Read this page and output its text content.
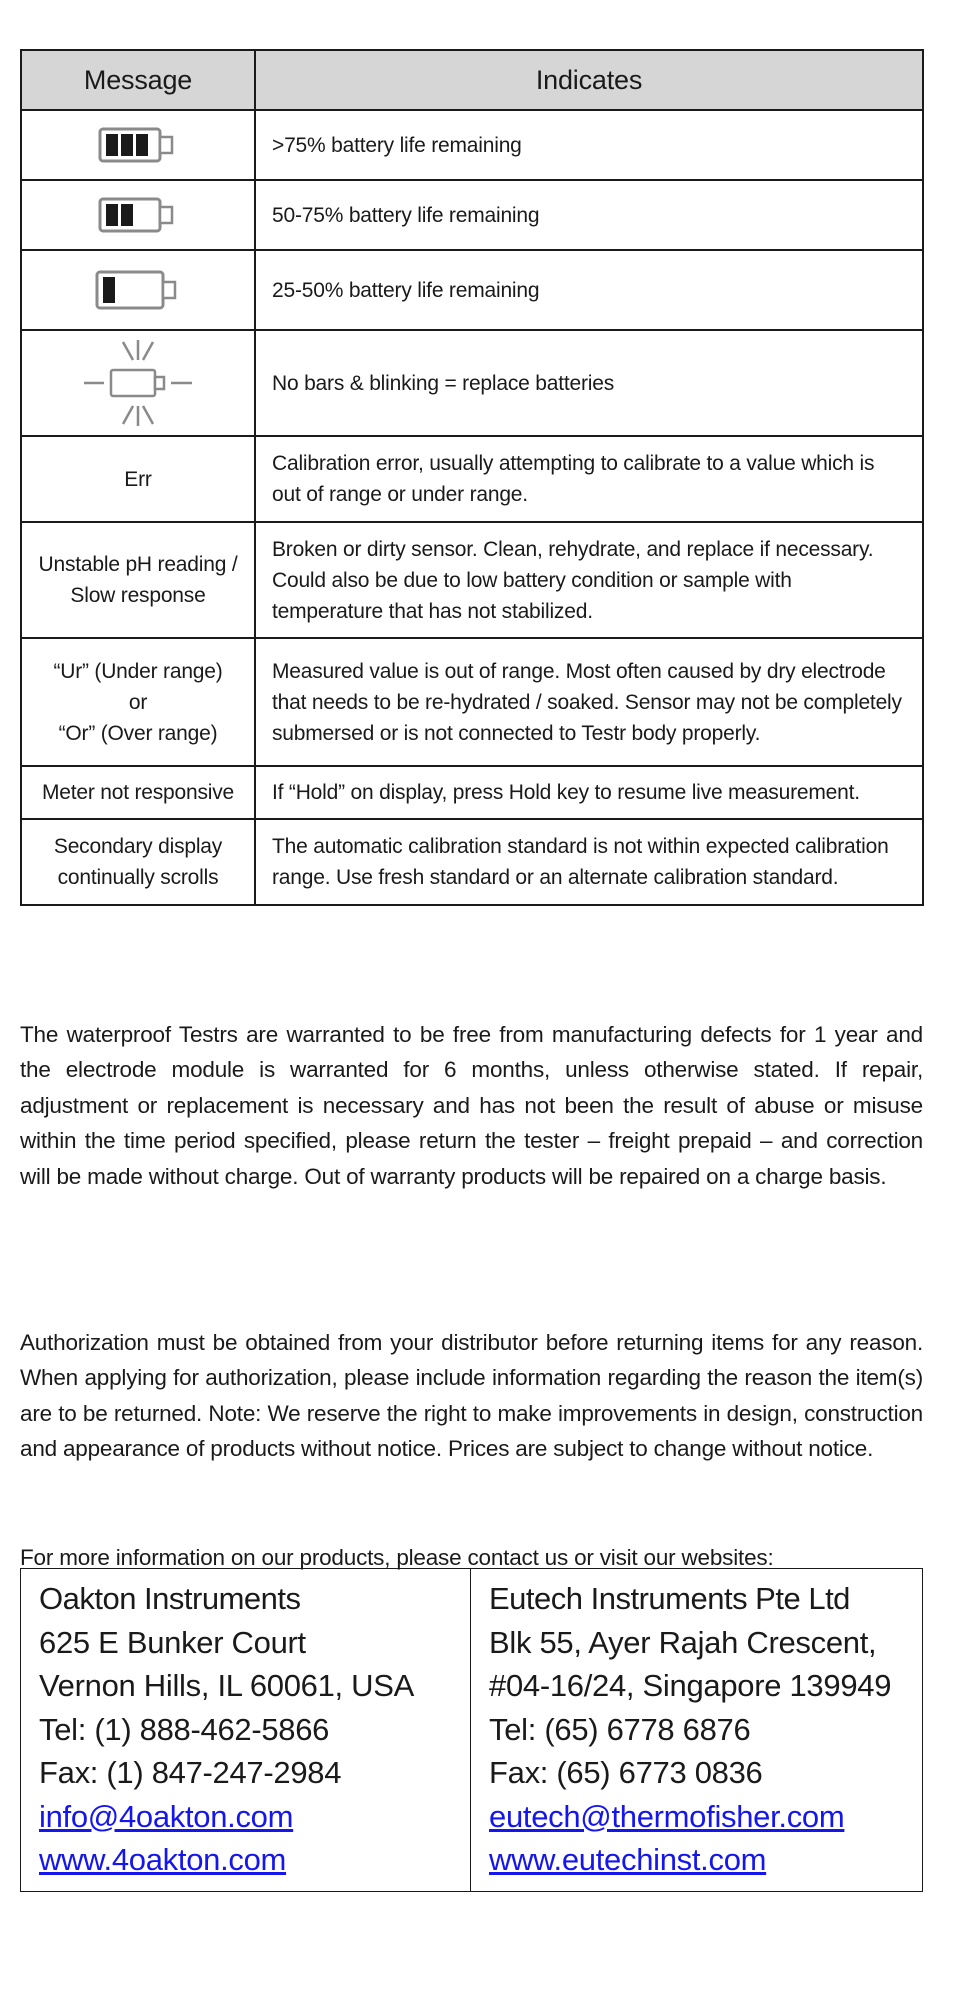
Message	Indicates

	>75% battery life remaining

	50-75% battery life remaining

	25-50% battery life remaining

	No bars & blinking = replace batteries
Err	Calibration error, usually attempting to calibrate to a value which is out of range or under range.
Unstable pH reading / Slow response	Broken or dirty sensor. Clean, rehydrate, and replace if necessary. Could also be due to low battery condition or sample with temperature that has not stabilized.

“Ur” (Under range)
or
“Or” (Over range)	Measured value is out of range. Most often caused by dry electrode that needs to be re-hydrated / soaked. Sensor may not be completely submersed or is not connected to Testr body properly.
Meter not responsive	If “Hold” on display, press Hold key to resume live measurement.
Secondary display continually scrolls	The automatic calibration standard is not within expected calibration range. Use fresh standard or an alternate calibration standard.

The waterproof Testrs are warranted to be free from manufacturing defects for 1 year and the electrode module is warranted for 6 months, unless otherwise stated. If repair, adjustment or replacement is necessary and has not been the result of abuse or misuse within the time period specified, please return the tester – freight prepaid – and correction will be made without charge. Out of warranty products will be repaired on a charge basis.

Authorization must be obtained from your distributor before returning items for any reason. When applying for authorization, please include information regarding the reason the item(s) are to be returned. Note: We reserve the right to make improvements in design, construction and appearance of products without notice. Prices are subject to change without notice.

For more information on our products, please contact us or visit our websites:

Oakton Instruments
625 E Bunker Court
Vernon Hills, IL 60061, USA
Tel: (1) 888-462-5866
Fax: (1) 847-247-2984
info@4oakton.com
www.4oakton.com

Eutech Instruments Pte Ltd
Blk 55, Ayer Rajah Crescent,
#04-16/24, Singapore 139949
Tel: (65) 6778 6876
Fax: (65) 6773 0836
eutech@thermofisher.com
www.eutechinst.com
